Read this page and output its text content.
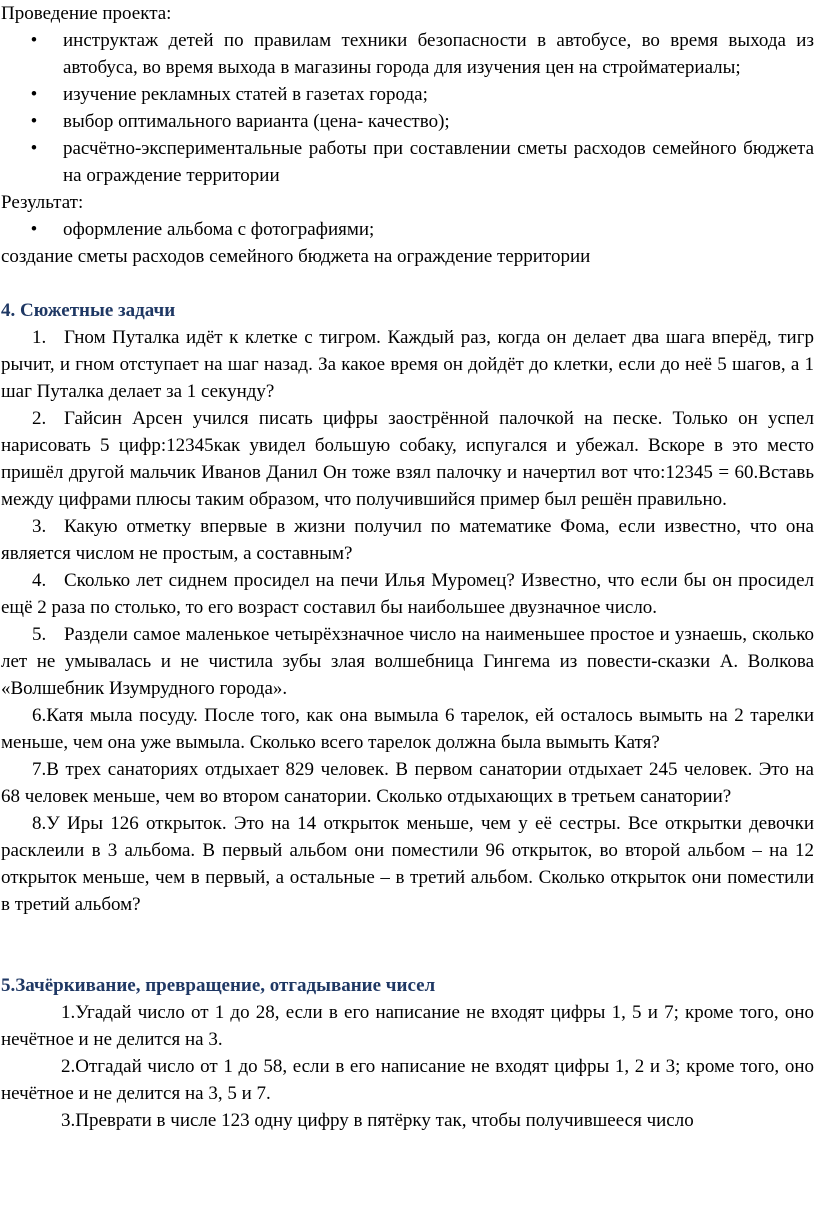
Проведение проекта:

• инструктаж детей по правилам техники безопасности в автобусе, во время выхода из автобуса, во время выхода в магазины города для изучения цен на стройматериалы;
• изучение рекламных статей в газетах города;
• выбор оптимального варианта (цена- качество);
• расчётно-экспериментальные работы при составлении сметы расходов семейного бюджета на ограждение территории

Результат:

• оформление альбома с фотографиями;

создание сметы расходов семейного бюджета на ограждение территории

4. Сюжетные задачи

1. Гном Путалка идёт к клетке с тигром. Каждый раз, когда он делает два шага вперёд, тигр рычит, и гном отступает на шаг назад. За какое время он дойдёт до клетки, если до неё 5 шагов, а 1 шаг Путалка делает за 1 секунду?

2. Гайсин Арсен учился писать цифры заострённой палочкой на песке. Только он успел нарисовать 5 цифр:12345как увидел большую собаку, испугался и убежал. Вскоре в это место пришёл другой мальчик Иванов Данил Он тоже взял палочку и начертил вот что:12345 = 60.Вставь между цифрами плюсы таким образом, что получившийся пример был решён правильно.

3. Какую отметку впервые в жизни получил по математике Фома, если известно, что она является числом не простым, а составным?

4. Сколько лет сиднем просидел на печи Илья Муромец? Известно, что если бы он просидел ещё 2 раза по столько, то его возраст составил бы наибольшее двузначное число.

5. Раздели самое маленькое четырёхзначное число на наименьшее простое и узнаешь, сколько лет не умывалась и не чистила зубы злая волшебница Гингема из повести-сказки А. Волкова «Волшебник Изумрудного города».

6.Катя мыла посуду. После того, как она вымыла 6 тарелок, ей осталось вымыть на 2 тарелки меньше, чем она уже вымыла. Сколько всего тарелок должна была вымыть Катя?

7.В трех санаториях отдыхает 829 человек. В первом санатории отдыхает 245 человек. Это на 68 человек меньше, чем во втором санатории. Сколько отдыхающих в третьем санатории?

8.У Иры 126 открыток. Это на 14 открыток меньше, чем у её сестры. Все открытки девочки расклеили в 3 альбома. В первый альбом они поместили 96 открыток, во второй альбом – на 12 открыток меньше, чем в первый, а остальные – в третий альбом. Сколько открыток они поместили в третий альбом?

5.Зачёркивание, превращение, отгадывание чисел

1.Угадай число от 1 до 28, если в его написание не входят цифры 1, 5 и 7; кроме того, оно нечётное и не делится на 3.

2.Отгадай число от 1 до 58, если в его написание не входят цифры 1, 2 и 3; кроме того, оно нечётное и не делится на 3, 5 и 7.

3.Преврати в числе 123 одну цифру в пятёрку так, чтобы получившееся число
